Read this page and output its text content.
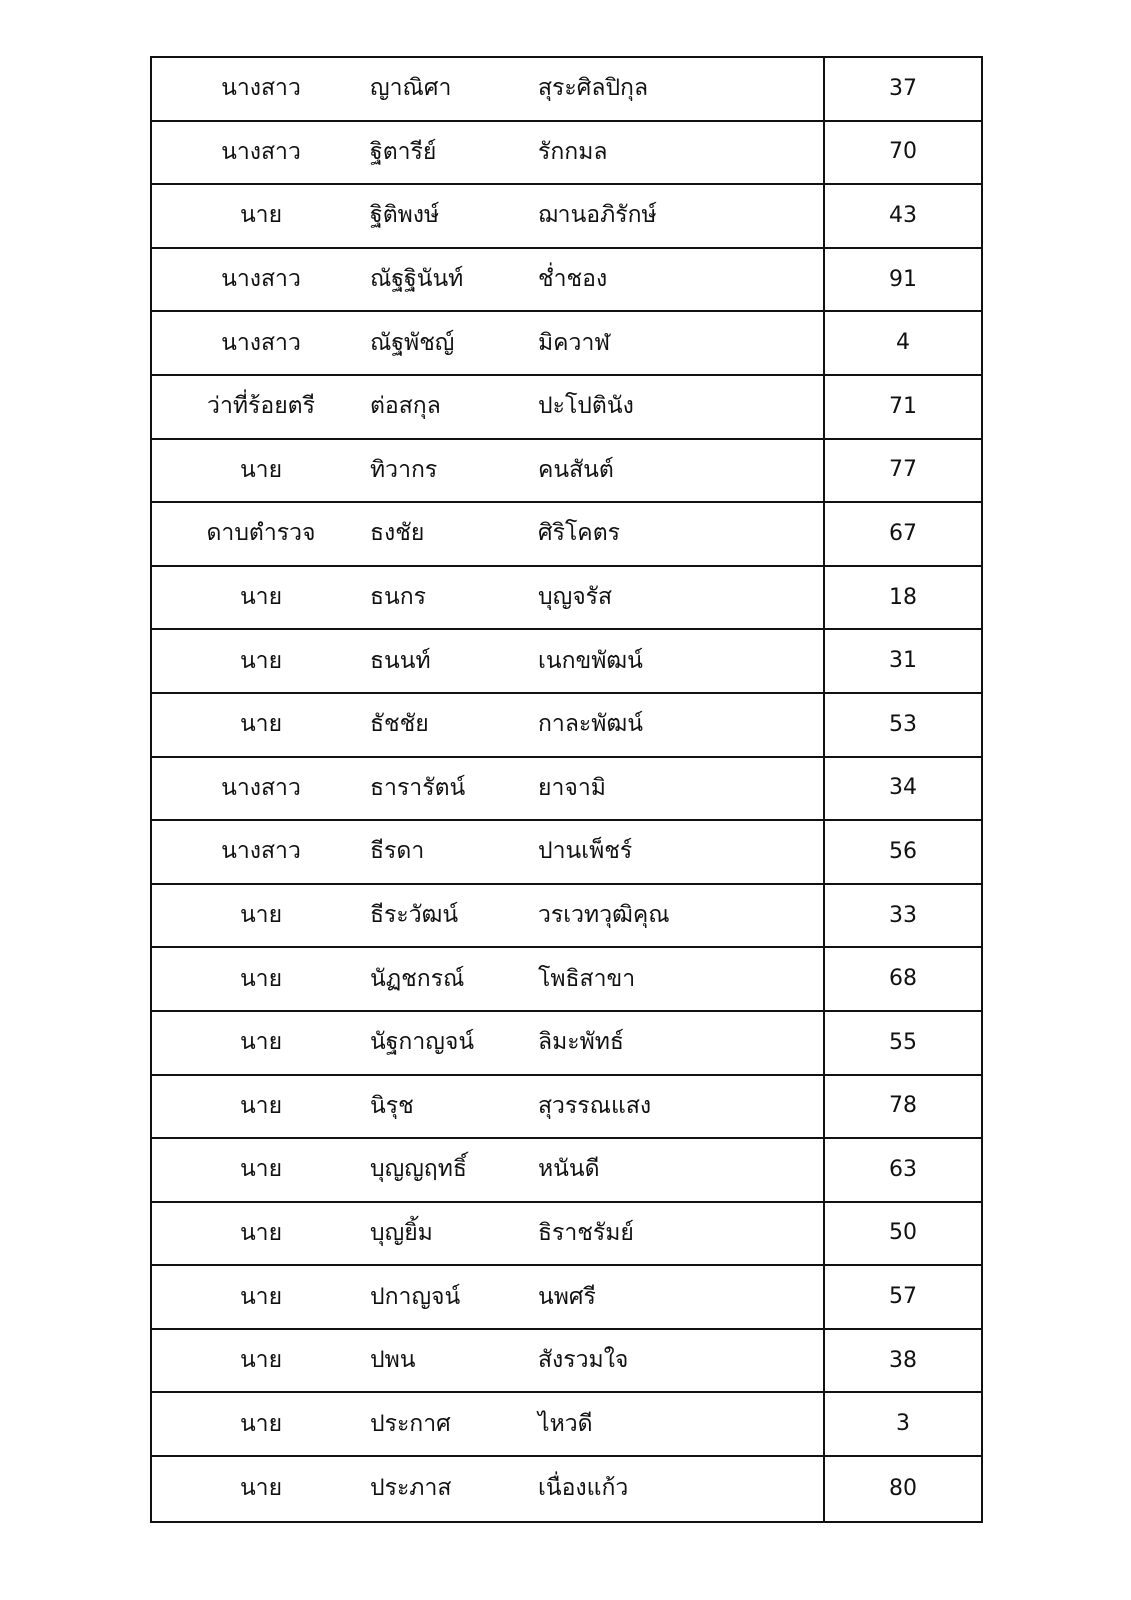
นางสาว	ญาณิศา	สุระศิลปิกุล	37
นางสาว	ฐิตารีย์	รักกมล	70
นาย	ฐิติพงษ์	ฌานอภิรักษ์	43
นางสาว	ณัฐฐินันท์	ช่ำชอง	91
นางสาว	ณัฐพัชญ์	มิควาฬ	4
ว่าที่ร้อยตรี	ต่อสกุล	ปะโปตินัง	71
นาย	ทิวากร	คนสันต์	77
ดาบตำรวจ	ธงชัย	ศิริโคตร	67
นาย	ธนกร	บุญจรัส	18
นาย	ธนนท์	เนกขพัฒน์	31
นาย	ธัชชัย	กาละพัฒน์	53
นางสาว	ธารารัตน์	ยาจามิ	34
นางสาว	ธีรดา	ปานเพ็ชร์	56
นาย	ธีระวัฒน์	วรเวทวุฒิคุณ	33
นาย	นัฏชกรณ์	โพธิสาขา	68
นาย	นัฐกาญจน์	ลิมะพัทธ์	55
นาย	นิรุช	สุวรรณแสง	78
นาย	บุญญฤทธิ์	หนันดี	63
นาย	บุญยิ้ม	ธิราชรัมย์	50
นาย	ปกาญจน์	นพศรี	57
นาย	ปพน	สังรวมใจ	38
นาย	ประกาศ	ไหวดี	3
นาย	ประภาส	เนื่องแก้ว	80
